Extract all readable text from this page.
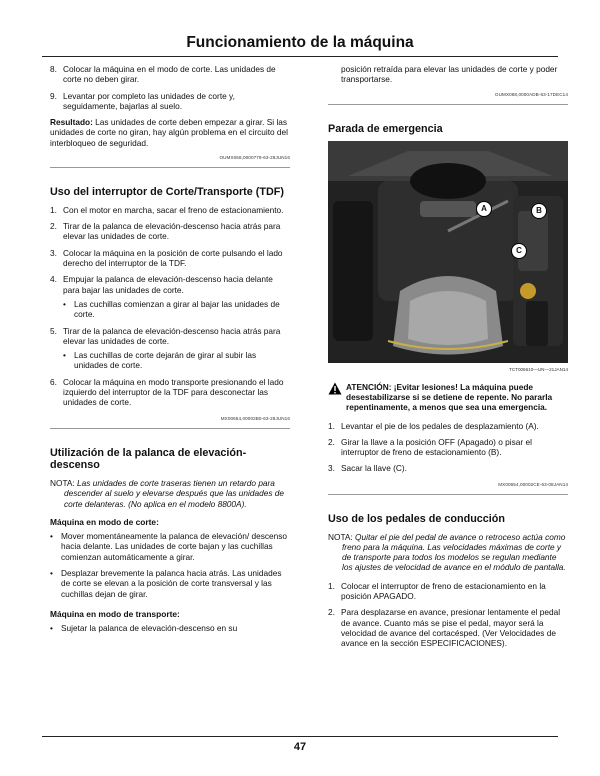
Funcionamiento de la máquina
8. Colocar la máquina en el modo de corte. Las unidades de corte no deben girar.
9. Levantar por completo las unidades de corte y, seguidamente, bajarlas al suelo.

Resultado: Las unidades de corte deben empezar a girar. Si las unidades de corte no giran, hay algún problema en el circuito del interbloqueo de seguridad.

OUMX068,0000779-63-29JUN16
Uso del interruptor de Corte/Transporte (TDF)
1. Con el motor en marcha, sacar el freno de estacionamiento.
2. Tirar de la palanca de elevación-descenso hacia atrás para elevar las unidades de corte.
3. Colocar la máquina en la posición de corte pulsando el lado derecho del interruptor de la TDF.
4. Empujar la palanca de elevación-descenso hacia delante para bajar las unidades de corte.
• Las cuchillas comienzan a girar al bajar las unidades de corte.
5. Tirar de la palanca de elevación-descenso hacia atrás para elevar las unidades de corte.
• Las cuchillas de corte dejarán de girar al subir las unidades de corte.
6. Colocar la máquina en modo transporte presionando el lado izquierdo del interruptor de la TDF para desconectar las unidades de corte.
MX00654,00002B0-63-29JUN16
Utilización de la palanca de elevación-descenso

NOTA: Las unidades de corte traseras tienen un retardo para descender al suelo y elevarse después que las unidades de corte delanteras. (No aplica en el modelo 8800A).

Máquina en modo de corte:
• Mover momentáneamente la palanca de elevación/ descenso hacia delante. Las unidades de corte bajan y las cuchillas comienzan automáticamente a girar.
• Desplazar brevemente la palanca hacia atrás. Las unidades de corte se elevan a la posición de corte transversal y las cuchillas dejan de girar.
Máquina en modo de transporte:
• Sujetar la palanca de elevación-descenso en su

posición retraída para elevar las unidades de corte y poder transportarse.

OUMX068,0000ADB-63-17DEC14
Parada de emergencia
A	B
C
TCT006610—UN—21JAN14
ATENCIÓN: ¡Evitar lesiones! La máquina puede desestabilizarse si se detiene de repente. No pararla repentinamente, a menos que sea una emergencia.
1. Levantar el pie de los pedales de desplazamiento (A).
2. Girar la llave a la posición OFF (Apagado) o pisar el interruptor de freno de estacionamiento (B).
3. Sacar la llave (C).
MX00654,00002CE-63-08JAN14
Uso de los pedales de conducción

NOTA: Quitar el pie del pedal de avance o retroceso actúa como freno para la máquina. Las velocidades máximas de corte y de transporte para todos los modelos se regulan mediante los ajustes de velocidad de avance en el módulo de pantalla.

1. Colocar el interruptor de freno de estacionamiento en la posición APAGADO.
2. Para desplazarse en avance, presionar lentamente el pedal de avance. Cuanto más se pise el pedal, mayor será la velocidad de avance del cortacésped. (Ver Velocidades de avance en la sección ESPECIFICACIONES).
47
